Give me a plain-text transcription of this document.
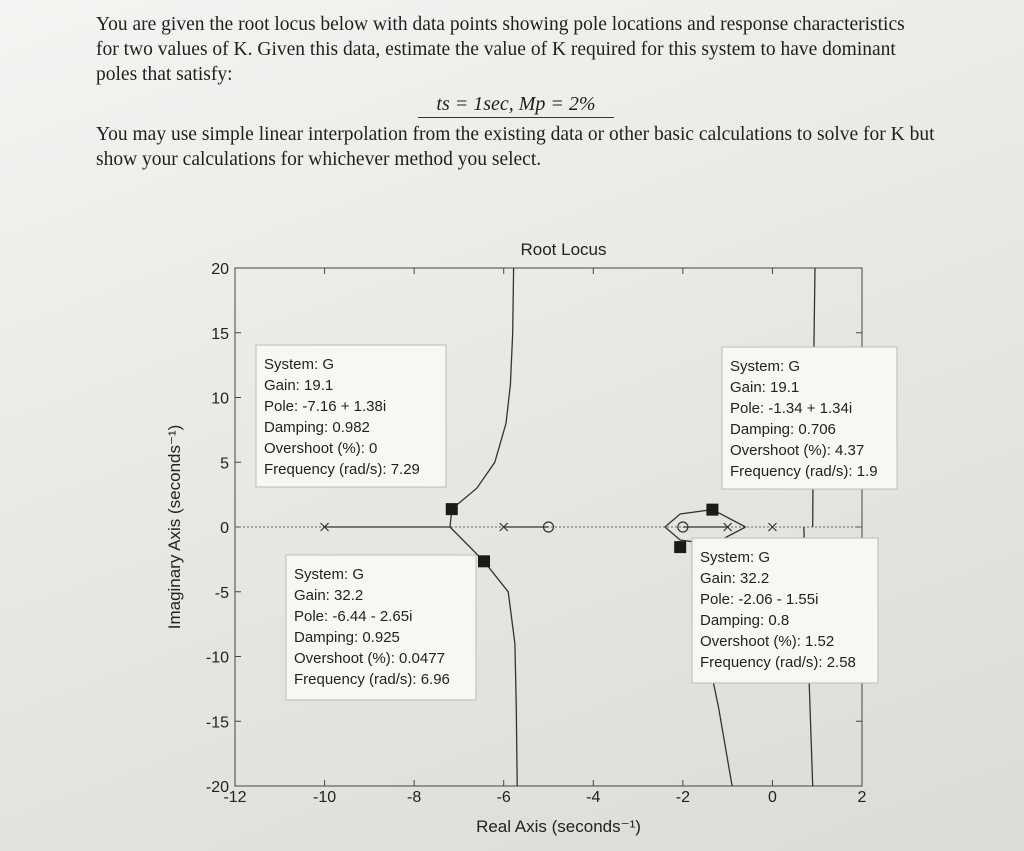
You are given the root locus below with data points showing pole locations and response characteristics for two values of K. Given this data, estimate the value of K required for this system to have dominant poles that satisfy:

ts = 1sec, Mp = 2%

You may use simple linear interpolation from the existing data or other basic calculations to solve for K but show your calculations for whichever method you select.

Root Locus
-12	-10	-8	-6	-4	-2	0	2
20
15
10
5
0
-5
-10
-15
-20
Real Axis (seconds⁻¹)
Imaginary Axis (seconds⁻¹)
System: G
Gain: 19.1
Pole: -7.16 + 1.38i
Damping: 0.982
Overshoot (%): 0
Frequency (rad/s): 7.29
System: G
Gain: 19.1
Pole: -1.34 + 1.34i
Damping: 0.706
Overshoot (%): 4.37
Frequency (rad/s): 1.9
System: G
Gain: 32.2
Pole: -6.44 - 2.65i
Damping: 0.925
Overshoot (%): 0.0477
Frequency (rad/s): 6.96
System: G
Gain: 32.2
Pole: -2.06 - 1.55i
Damping: 0.8
Overshoot (%): 1.52
Frequency (rad/s): 2.58
